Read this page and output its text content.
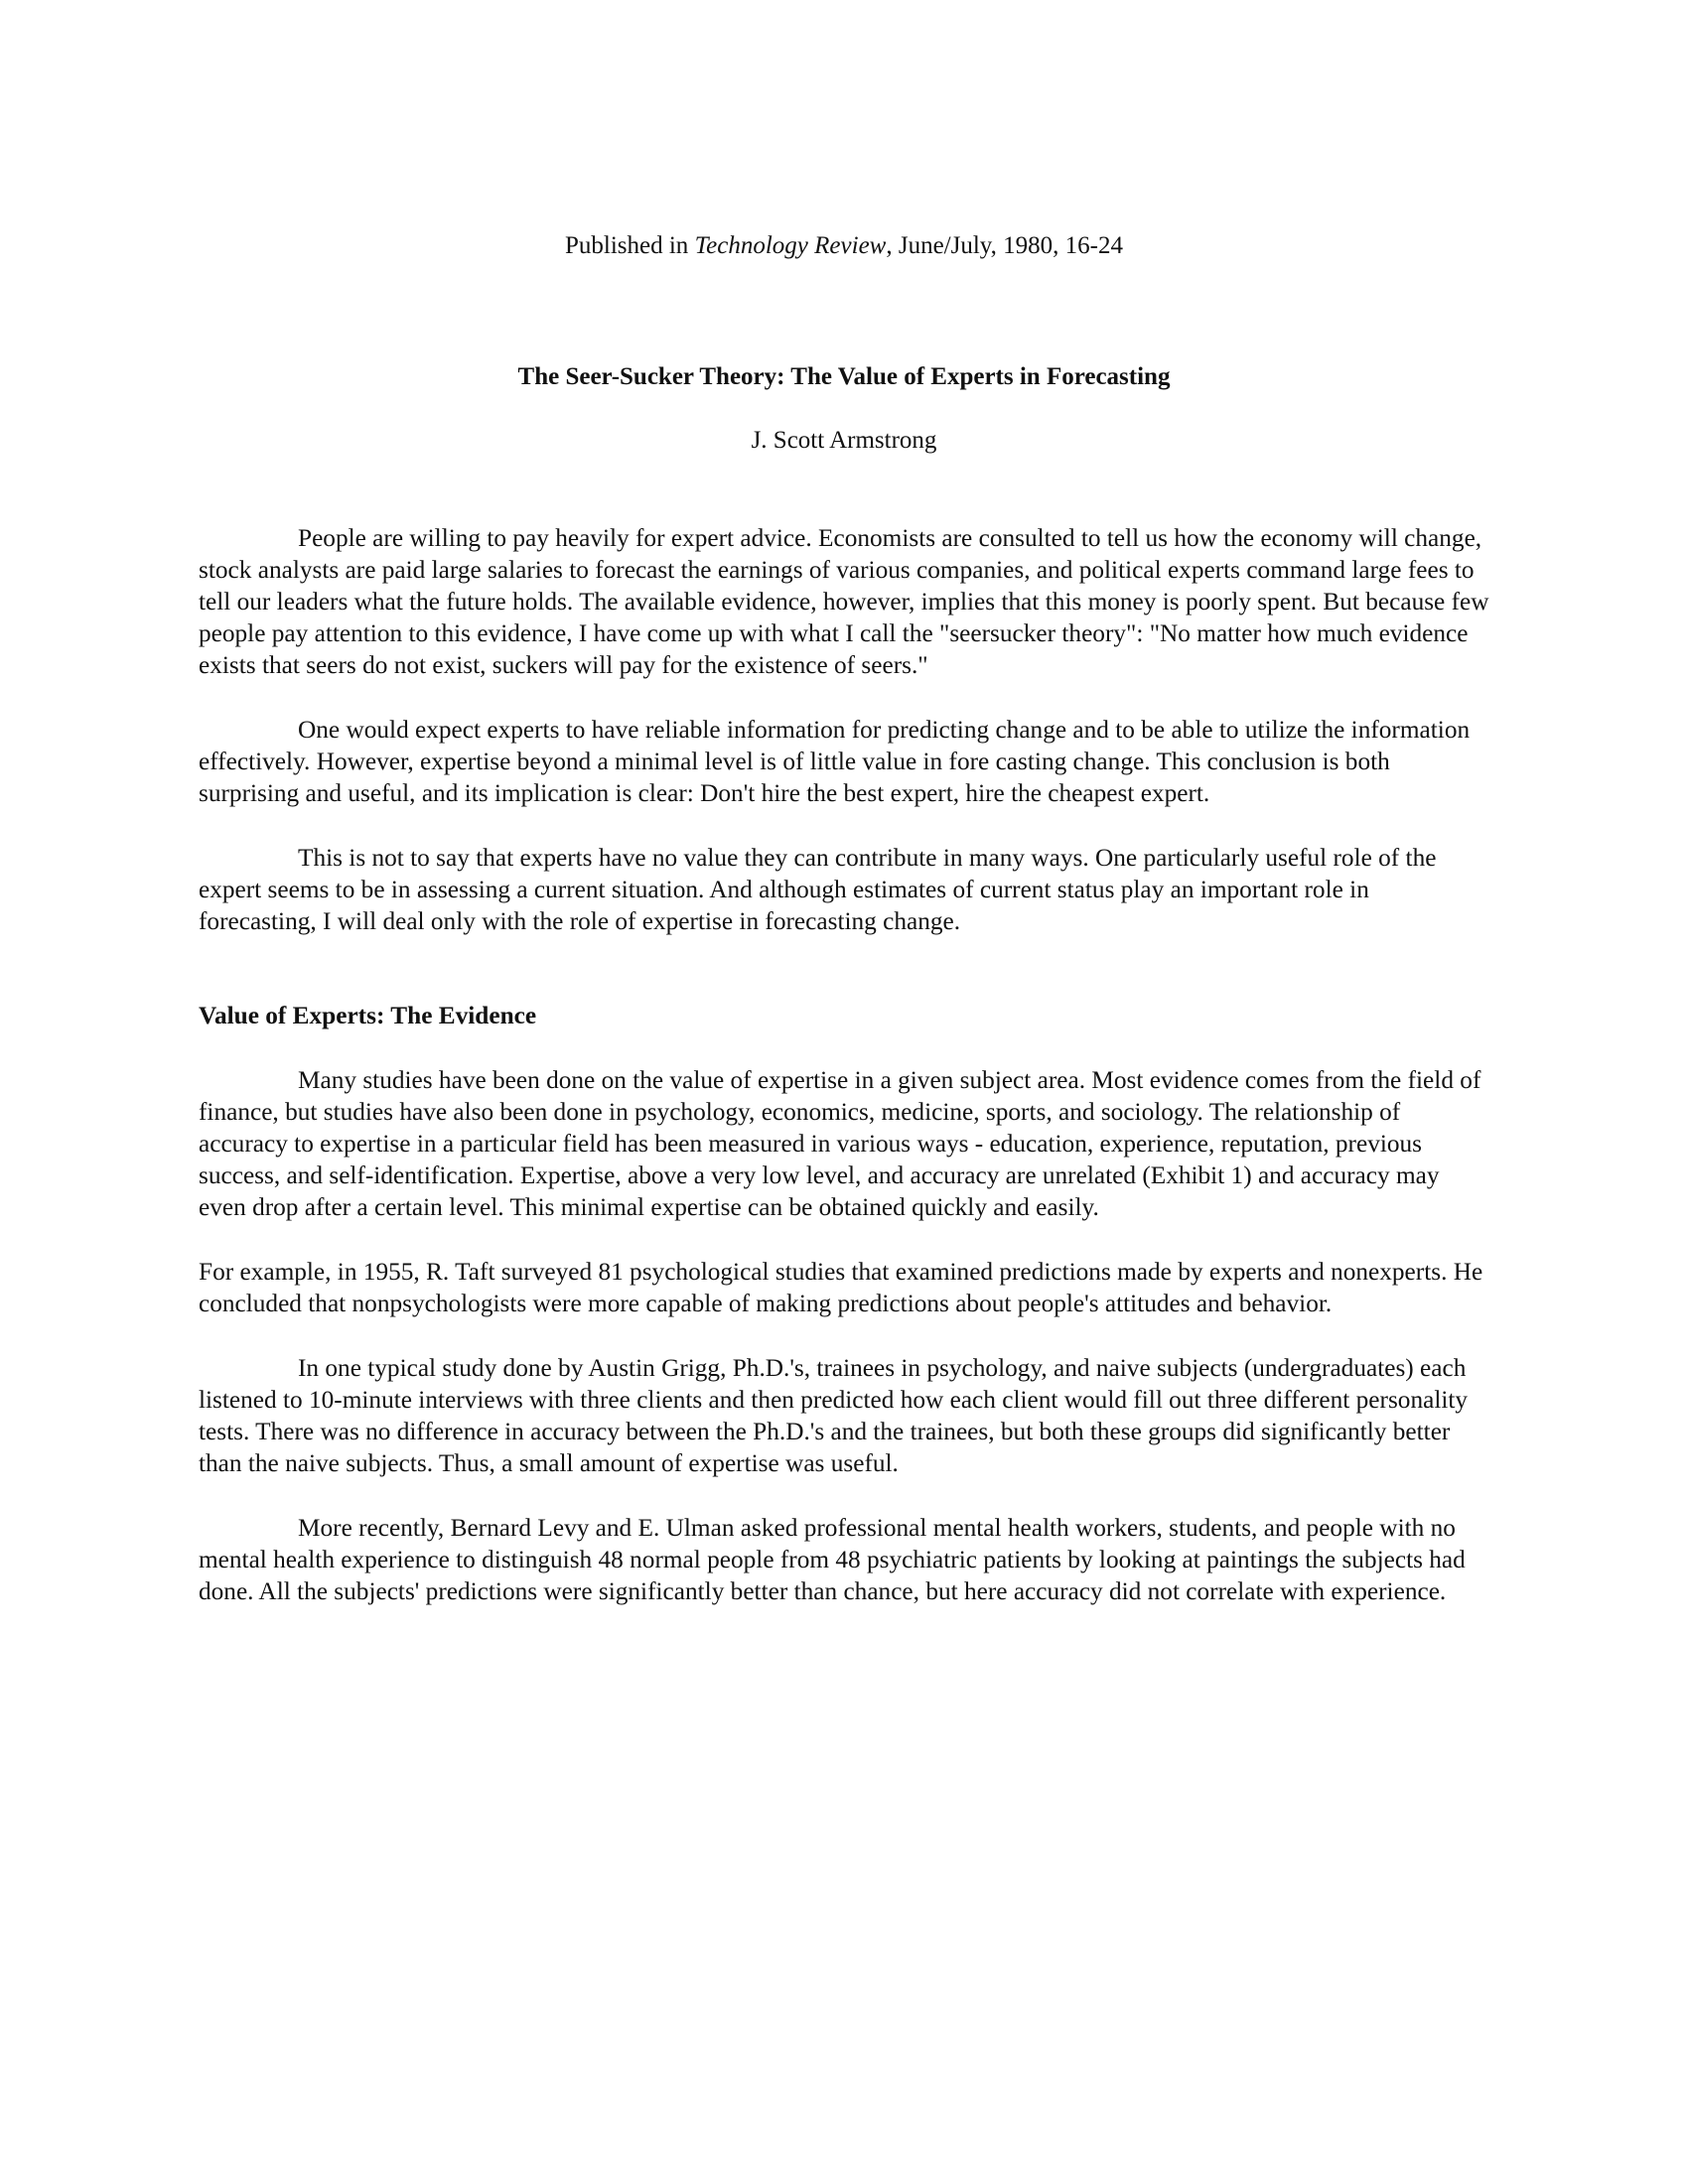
Published in Technology Review, June/July, 1980, 16-24
The Seer-Sucker Theory: The Value of Experts in Forecasting
J. Scott Armstrong

People are willing to pay heavily for expert advice. Economists are consulted to tell us how the economy will change, stock analysts are paid large salaries to forecast the earnings of various companies, and political experts command large fees to tell our leaders what the future holds. The available evidence, however, implies that this money is poorly spent. But because few people pay attention to this evidence, I have come up with what I call the "seersucker theory": "No matter how much evidence exists that seers do not exist, suckers will pay for the existence of seers."

One would expect experts to have reliable information for predicting change and to be able to utilize the information effectively. However, expertise beyond a minimal level is of little value in fore casting change. This conclusion is both surprising and useful, and its implication is clear: Don't hire the best expert, hire the cheapest expert.

This is not to say that experts have no value they can contribute in many ways. One particularly useful role of the expert seems to be in assessing a current situation. And although estimates of current status play an important role in forecasting, I will deal only with the role of expertise in forecasting change.

Value of Experts: The Evidence

Many studies have been done on the value of expertise in a given subject area. Most evidence comes from the field of finance, but studies have also been done in psychology, economics, medicine, sports, and sociology. The relationship of accuracy to expertise in a particular field has been measured in various ways - education, experience, reputation, previous success, and self-identification. Expertise, above a very low level, and accuracy are unrelated (Exhibit 1) and accuracy may even drop after a certain level. This minimal expertise can be obtained quickly and easily.

For example, in 1955, R. Taft surveyed 81 psychological studies that examined predictions made by experts and nonexperts. He concluded that nonpsychologists were more capable of making predictions about people's attitudes and behavior.

In one typical study done by Austin Grigg, Ph.D.'s, trainees in psychology, and naive subjects (undergraduates) each listened to 10-minute interviews with three clients and then predicted how each client would fill out three different personality tests. There was no difference in accuracy between the Ph.D.'s and the trainees, but both these groups did significantly better than the naive subjects. Thus, a small amount of expertise was useful.

More recently, Bernard Levy and E. Ulman asked professional mental health workers, students, and people with no mental health experience to distinguish 48 normal people from 48 psychiatric patients by looking at paintings the subjects had done. All the subjects' predictions were significantly better than chance, but here accuracy did not correlate with experience.
